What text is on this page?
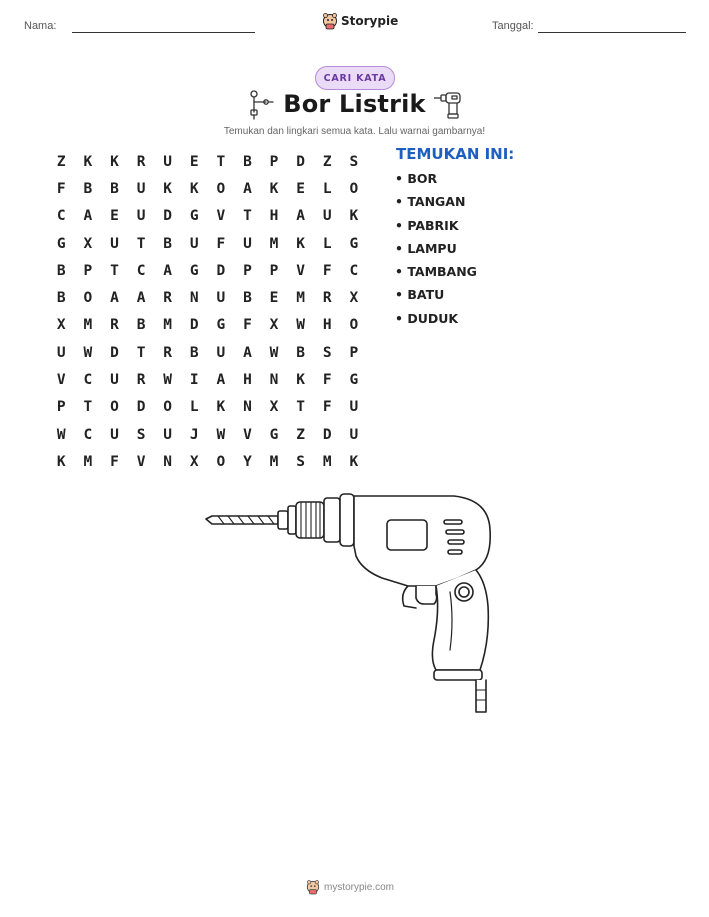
Nama:	Storypie	Tanggal:
CARI KATA
Bor Listrik
Temukan dan lingkari semua kata. Lalu warnai gambarnya!
Z	K	K	R	U	E	T	B	P	D	Z	S
F	B	B	U	K	K	O	A	K	E	L	O
C	A	E	U	D	G	V	T	H	A	U	K
G	X	U	T	B	U	F	U	M	K	L	G
B	P	T	C	A	G	D	P	P	V	F	C
B	O	A	A	R	N	U	B	E	M	R	X
X	M	R	B	M	D	G	F	X	W	H	O
U	W	D	T	R	B	U	A	W	B	S	P
V	C	U	R	W	I	A	H	N	K	F	G
P	T	O	D	O	L	K	N	X	T	F	U
W	C	U	S	U	J	W	V	G	Z	D	U
K	M	F	V	N	X	O	Y	M	S	M	K
TEMUKAN INI:
• BOR
• TANGAN
• PABRIK
• LAMPU
• TAMBANG
• BATU
• DUDUK
mystorypie.com
